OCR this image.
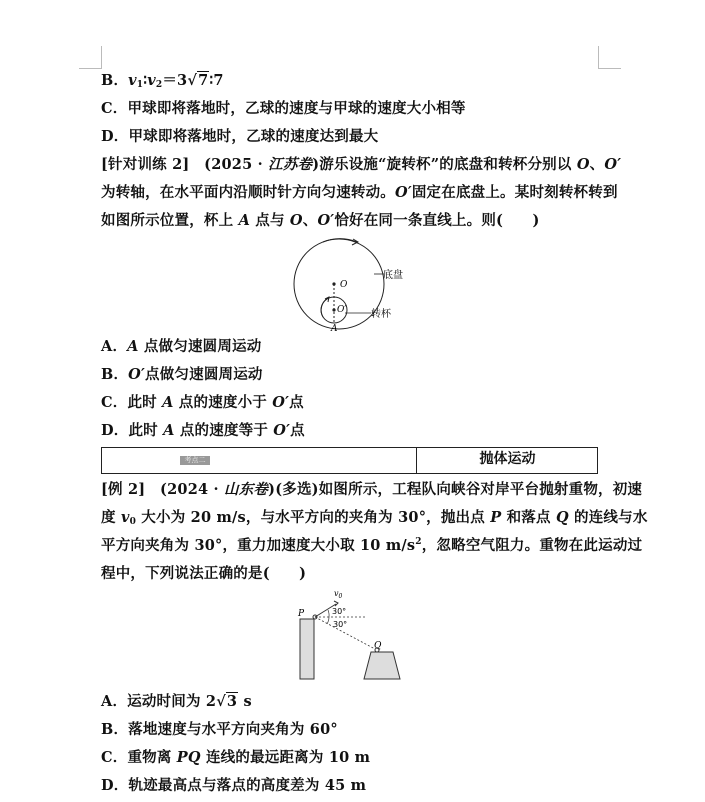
B．$v_1∶v_2=3√7∶7$
C．甲球即将落地时，乙球的速度与甲球的速度大小相等
D．甲球即将落地时，乙球的速度达到最大
[针对训练 2]　(2025 · 江苏卷)游乐设施“旋转杯”的底盘和转杯分别以 O、O′
为转轴，在水平面内沿顺时针方向匀速转动。O′固定在底盘上。某时刻转杯转到
如图所示位置，杯上 A 点与 O、O′恰好在同一条直线上。则(　　)
O
O′
A
底盘
转杯
A．A 点做匀速圆周运动
B．O′点做匀速圆周运动
C．此时 A 点的速度小于 O′点
D．此时 A 点的速度等于 O′点
考点二	抛体运动
[例 2]　(2024 · 山东卷)(多选)如图所示，工程队向峡谷对岸平台抛射重物，初速
度 $v_0$ 大小为 20 m/s，与水平方向的夹角为 30°，抛出点 P 和落点 Q 的连线与水
平方向夹角为 30°，重力加速度大小取 10 $m/s^2$，忽略空气阻力。重物在此运动过
程中，下列说法正确的是(　　)
P
Q
$v_0$
30°
30°
A．运动时间为 2√3 s
B．落地速度与水平方向夹角为 60°
C．重物离 PQ 连线的最远距离为 10 m
D．轨迹最高点与落点的高度差为 45 m
